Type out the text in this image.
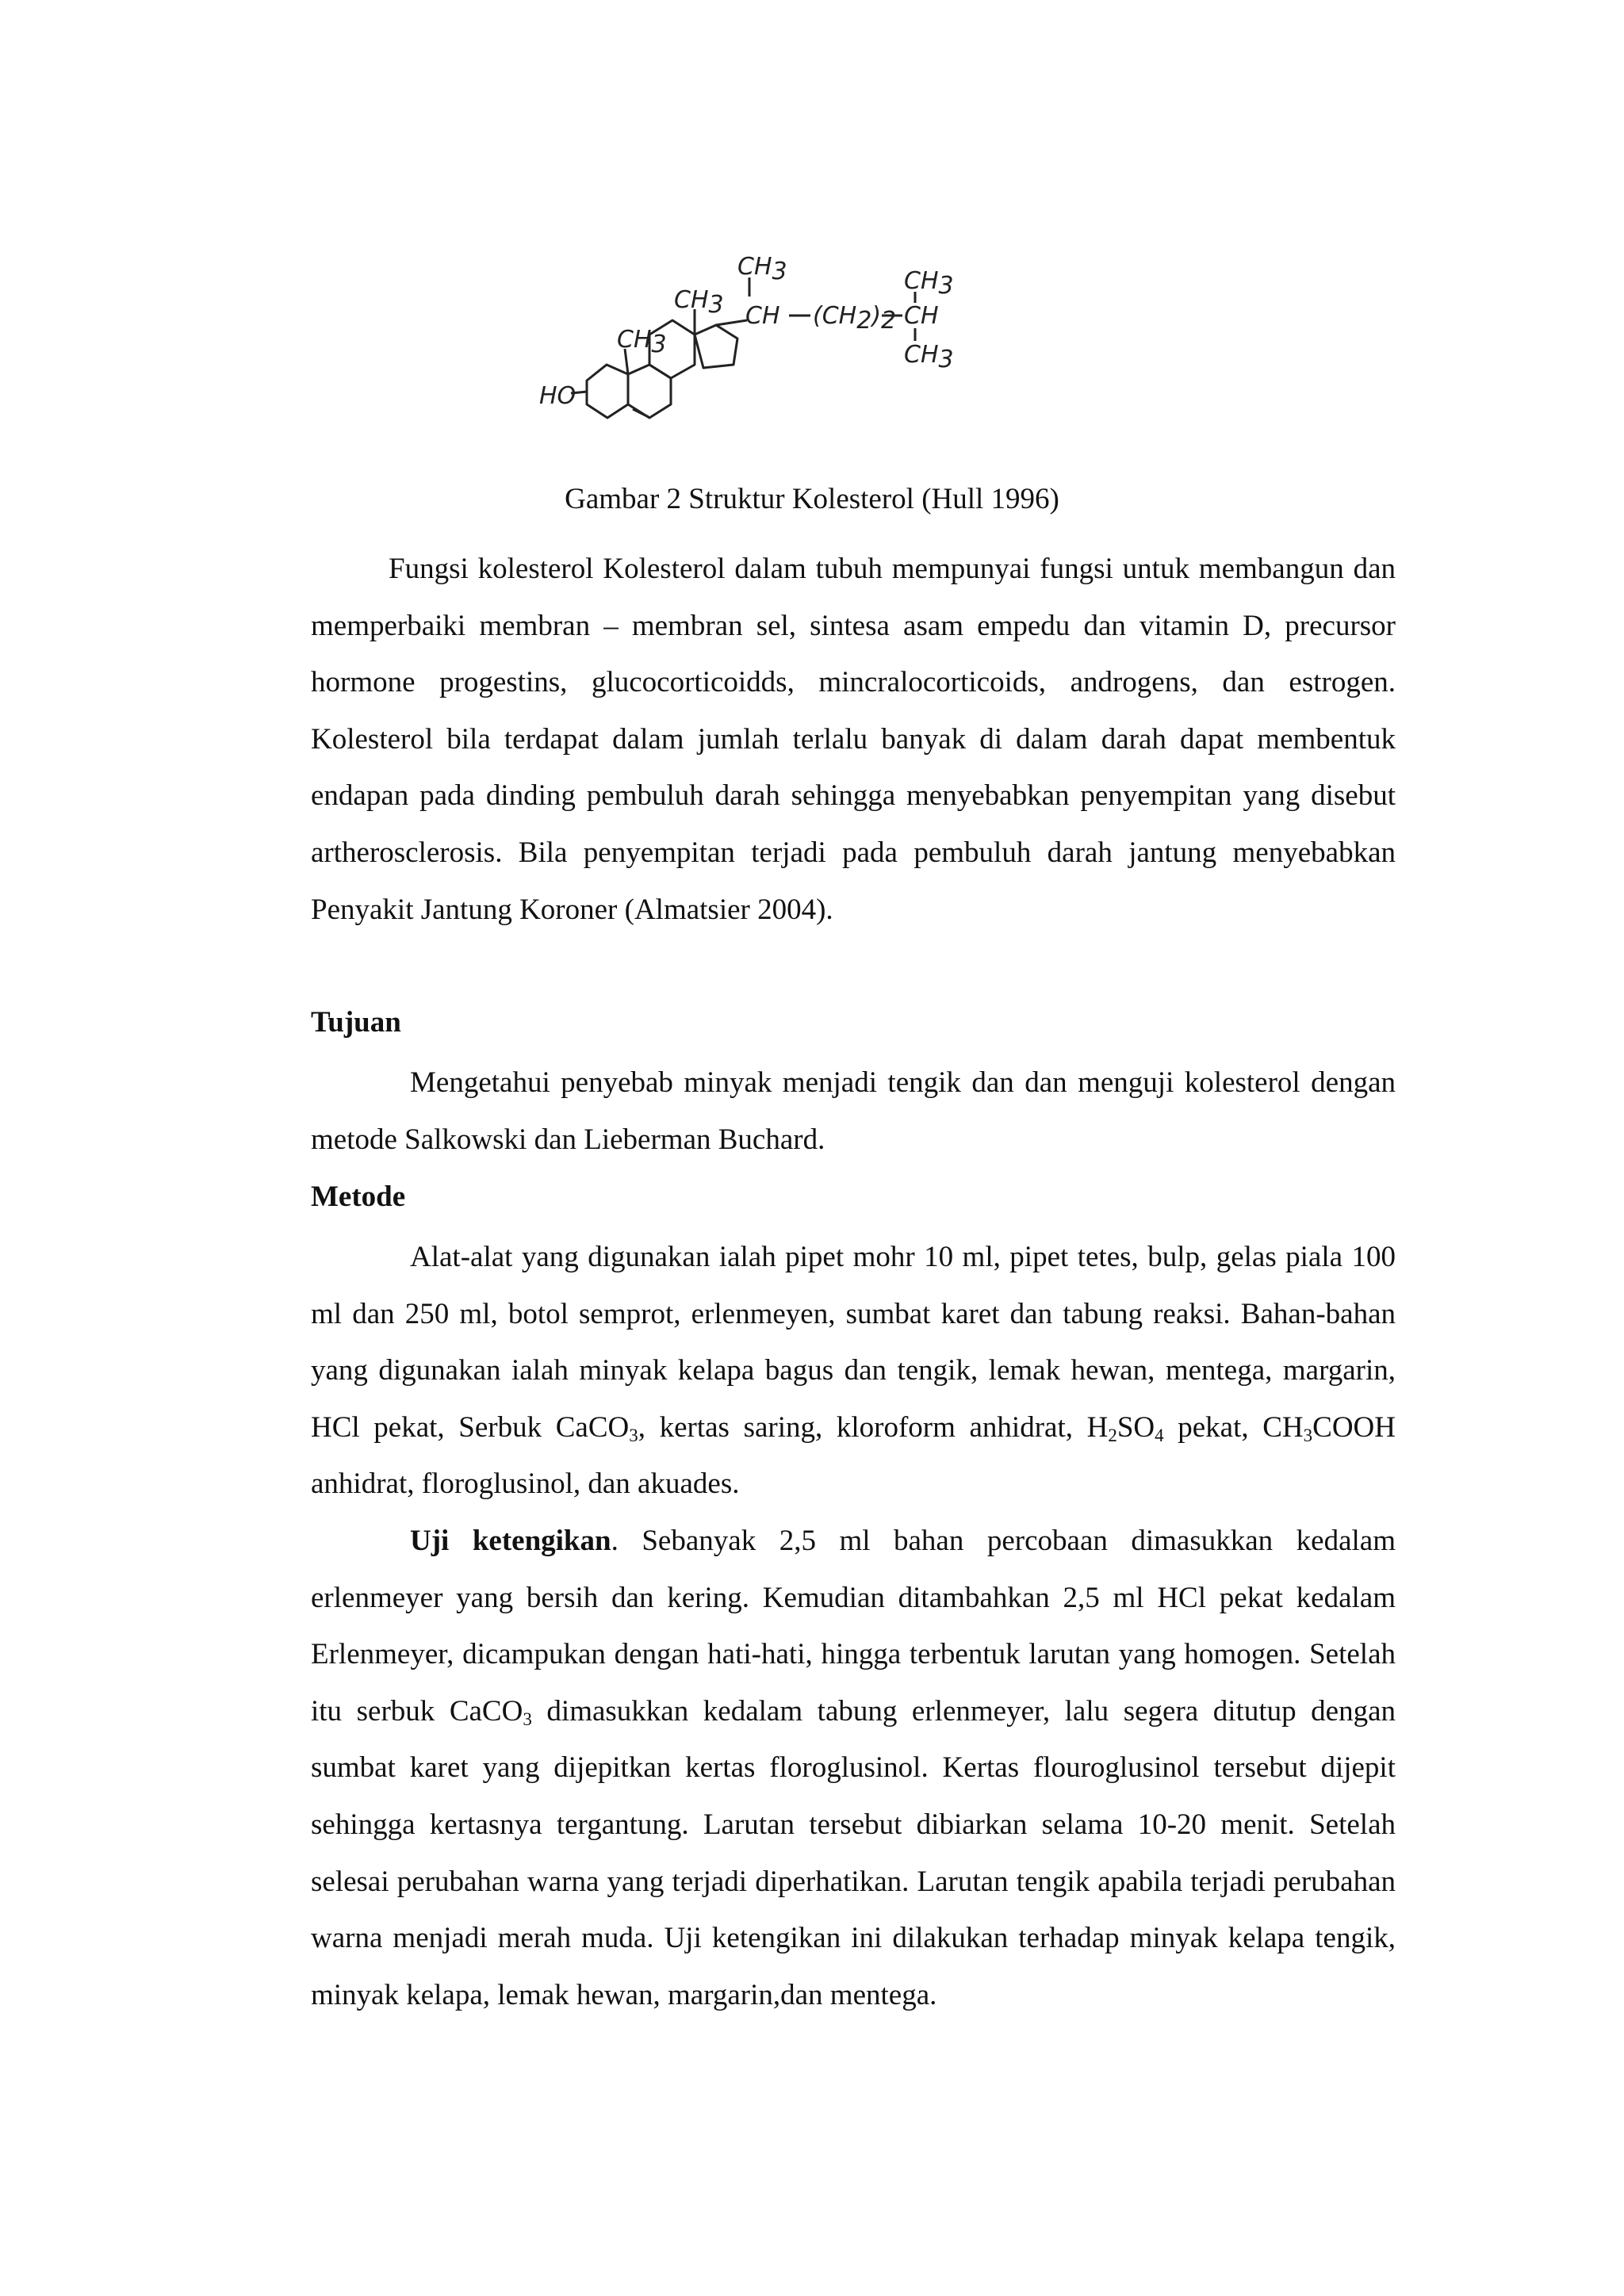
HO
CH3
CH3
CH3
CH (CH2)2 CH
CH3
CH3
Gambar 2 Struktur Kolesterol (Hull 1996)

Fungsi kolesterol Kolesterol dalam tubuh mempunyai fungsi untuk membangun dan memperbaiki membran – membran sel, sintesa asam empedu dan vitamin D, precursor hormone progestins, glucocorticoidds, mincralocorticoids, androgens, dan estrogen. Kolesterol bila terdapat dalam jumlah terlalu banyak di dalam darah dapat membentuk endapan pada dinding pembuluh darah sehingga menyebabkan penyempitan yang disebut artherosclerosis. Bila penyempitan terjadi pada pembuluh darah jantung menyebabkan Penyakit Jantung Koroner (Almatsier 2004).

Tujuan

Mengetahui penyebab minyak menjadi tengik dan dan menguji kolesterol dengan metode Salkowski dan Lieberman Buchard.

Metode

Alat-alat yang digunakan ialah pipet mohr 10 ml, pipet tetes, bulp, gelas piala 100 ml dan 250 ml, botol semprot, erlenmeyen, sumbat karet dan tabung reaksi. Bahan-bahan yang digunakan ialah minyak kelapa bagus dan tengik, lemak hewan, mentega, margarin, HCl pekat, Serbuk CaCO$_3$, kertas saring, kloroform anhidrat, $H_2SO_4$ pekat, $CH_3COOH$ anhidrat, floroglusinol, dan akuades.

Uji ketengikan. Sebanyak 2,5 ml bahan percobaan dimasukkan kedalam erlenmeyer yang bersih dan kering. Kemudian ditambahkan 2,5 ml HCl pekat kedalam Erlenmeyer, dicampukan dengan hati-hati, hingga terbentuk larutan yang homogen. Setelah itu serbuk CaCO$_3$ dimasukkan kedalam tabung erlenmeyer, lalu segera ditutup dengan sumbat karet yang dijepitkan kertas floroglusinol. Kertas flouroglusinol tersebut dijepit sehingga kertasnya tergantung. Larutan tersebut dibiarkan selama 10-20 menit. Setelah selesai perubahan warna yang terjadi diperhatikan. Larutan tengik apabila terjadi perubahan warna menjadi merah muda. Uji ketengikan ini dilakukan terhadap minyak kelapa tengik, minyak kelapa, lemak hewan, margarin,dan mentega.
